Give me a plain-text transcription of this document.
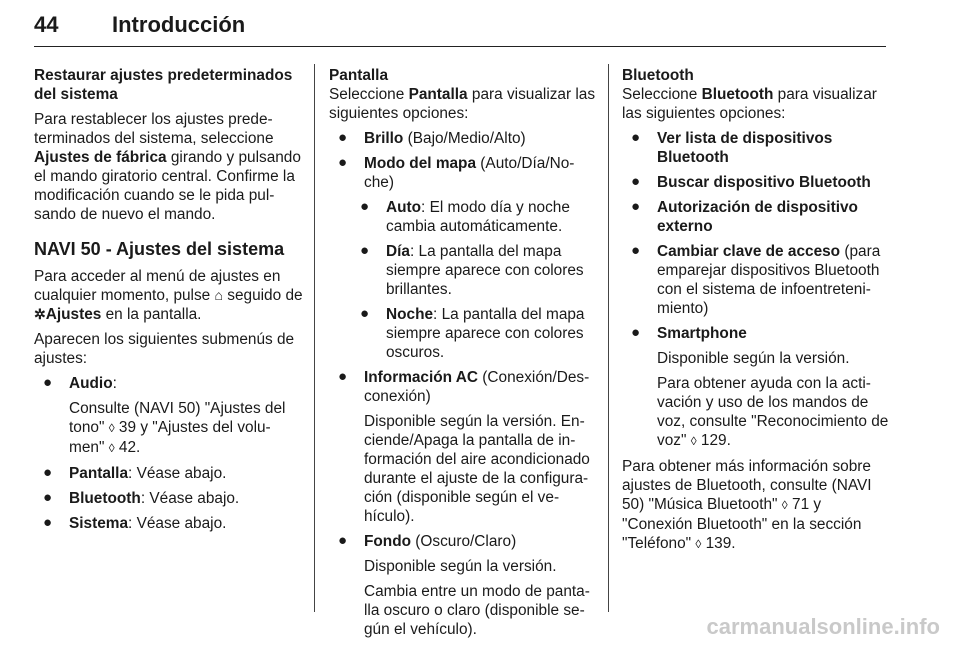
44 Introducción

Restaurar ajustes predeterminados del sistema

Para restablecer los ajustes prede-terminados del sistema, seleccione Ajustes de fábrica girando y pulsando el mando giratorio central. Confirme la modificación cuando se le pida pul-sando de nuevo el mando.

NAVI 50 - Ajustes del sistema

Para acceder al menú de ajustes en cualquier momento, pulse ⌂ seguido de ✲Ajustes en la pantalla.

Aparecen los siguientes submenús de ajustes:

● Audio:

Consulte (NAVI 50) "Ajustes del tono" ◊ 39 y "Ajustes del volu-men" ◊ 42.

● Pantalla: Véase abajo.
● Bluetooth: Véase abajo.
● Sistema: Véase abajo.
Pantalla

Seleccione Pantalla para visualizar las siguientes opciones:

● Brillo (Bajo/Medio/Alto)
● Modo del mapa (Auto/Día/No-che)
● Auto: El modo día y noche cambia automáticamente.
● Día: La pantalla del mapa siempre aparece con colores brillantes.
● Noche: La pantalla del mapa siempre aparece con colores oscuros.
● Información AC (Conexión/Des-conexión)

Disponible según la versión. En-ciende/Apaga la pantalla de in-formación del aire acondicionado durante el ajuste de la configura-ción (disponible según el ve-hículo).

● Fondo (Oscuro/Claro)

Disponible según la versión.

Cambia entre un modo de panta-lla oscuro o claro (disponible se-gún el vehículo).

Bluetooth

Seleccione Bluetooth para visualizar las siguientes opciones:

● Ver lista de dispositivos Bluetooth
● Buscar dispositivo Bluetooth
● Autorización de dispositivo externo
● Cambiar clave de acceso (para emparejar dispositivos Bluetooth con el sistema de infoentreteni-miento)
● Smartphone

Disponible según la versión.

Para obtener ayuda con la acti-vación y uso de los mandos de voz, consulte "Reconocimiento de voz" ◊ 129.

Para obtener más información sobre ajustes de Bluetooth, consulte (NAVI 50) "Música Bluetooth" ◊ 71 y "Conexión Bluetooth" en la sección "Teléfono" ◊ 139.

carmanualsonline.info
